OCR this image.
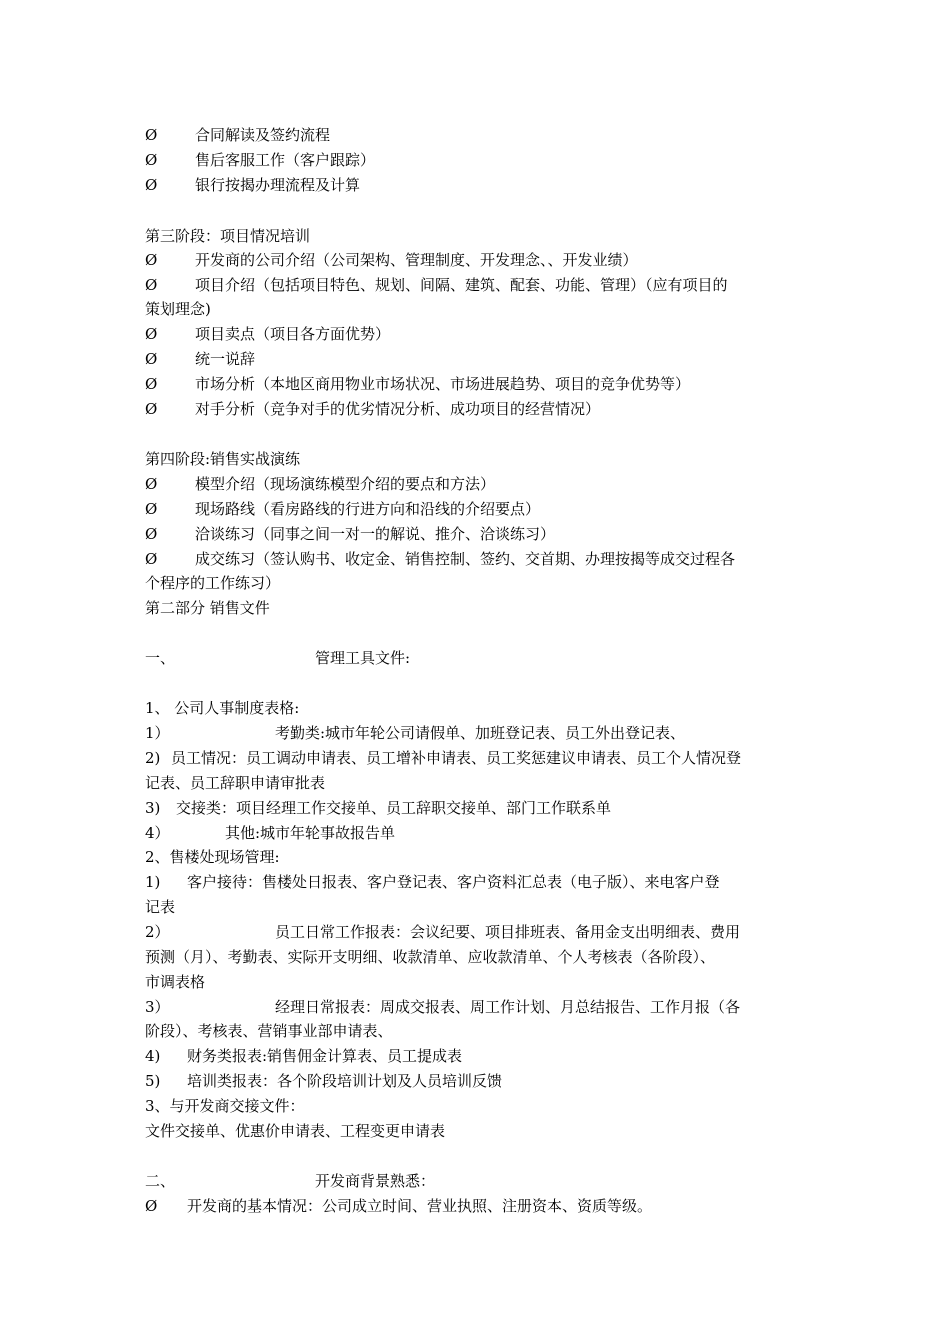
Ø	合同解读及签约流程
Ø	售后客服工作（客户跟踪）
Ø	银行按揭办理流程及计算
第三阶段：项目情况培训
Ø	开发商的公司介绍（公司架构、管理制度、开发理念、、开发业绩）
Ø	项目介绍（包括项目特色、规划、间隔、建筑、配套、功能、管理）（应有项目的
策划理念)
Ø	项目卖点（项目各方面优势）
Ø	统一说辞
Ø	市场分析（本地区商用物业市场状况、市场进展趋势、项目的竞争优势等）
Ø	对手分析（竞争对手的优劣情况分析、成功项目的经营情况）
第四阶段:销售实战演练
Ø	模型介绍（现场演练模型介绍的要点和方法）
Ø	现场路线（看房路线的行进方向和沿线的介绍要点）
Ø	洽谈练习（同事之间一对一的解说、推介、洽谈练习）
Ø	成交练习（签认购书、收定金、销售控制、签约、交首期、办理按揭等成交过程各
个程序的工作练习）
第二部分 销售文件
一、	管理工具文件:
1、 公司人事制度表格:
1）	考勤类:城市年轮公司请假单、加班登记表、员工外出登记表、
2) 员工情况：员工调动申请表、员工增补申请表、员工奖惩建议申请表、员工个人情况登
记表、员工辞职申请审批表
3) 交接类：项目经理工作交接单、员工辞职交接单、部门工作联系单
4）	其他:城市年轮事故报告单
2、售楼处现场管理:
1) 客户接待：售楼处日报表、客户登记表、客户资料汇总表（电子版）、来电客户登
记表
2）	员工日常工作报表：会议纪要、项目排班表、备用金支出明细表、费用
预测（月）、考勤表、实际开支明细、收款清单、应收款清单、个人考核表（各阶段）、
市调表格
3）	经理日常报表：周成交报表、周工作计划、月总结报告、工作月报（各
阶段）、考核表、营销事业部申请表、
4) 财务类报表:销售佣金计算表、员工提成表
5) 培训类报表：各个阶段培训计划及人员培训反馈
3、与开发商交接文件：
文件交接单、优惠价申请表、工程变更申请表
二、	开发商背景熟悉：
Ø 开发商的基本情况：公司成立时间、营业执照、注册资本、资质等级。
